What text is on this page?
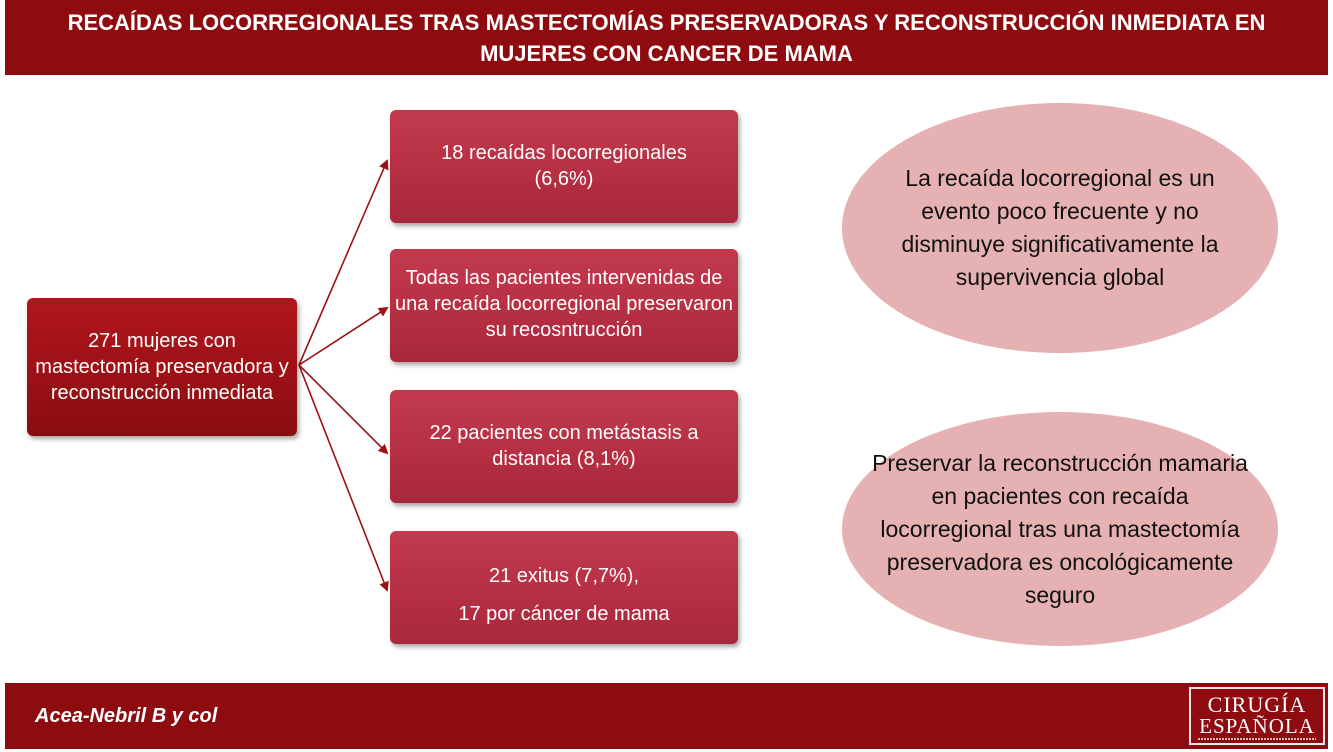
RECAÍDAS LOCORREGIONALES TRAS MASTECTOMÍAS PRESERVADORAS Y RECONSTRUCCIÓN INMEDIATA EN MUJERES CON CANCER DE MAMA
271 mujeres con mastectomía preservadora y reconstrucción inmediata
18 recaídas locorregionales
(6,6%)
Todas las pacientes intervenidas de una recaída locorregional preservaron su recosntrucción
22 pacientes con metástasis a distancia (8,1%)
21 exitus (7,7%),
17 por cáncer de mama
La recaída locorregional es un evento poco frecuente y no disminuye significativamente la supervivencia global
Preservar la reconstrucción mamaria en pacientes con recaída locorregional tras una mastectomía preservadora es oncológicamente seguro
Acea-Nebril B y col	CIRUGÍA
ESPAÑOLA
